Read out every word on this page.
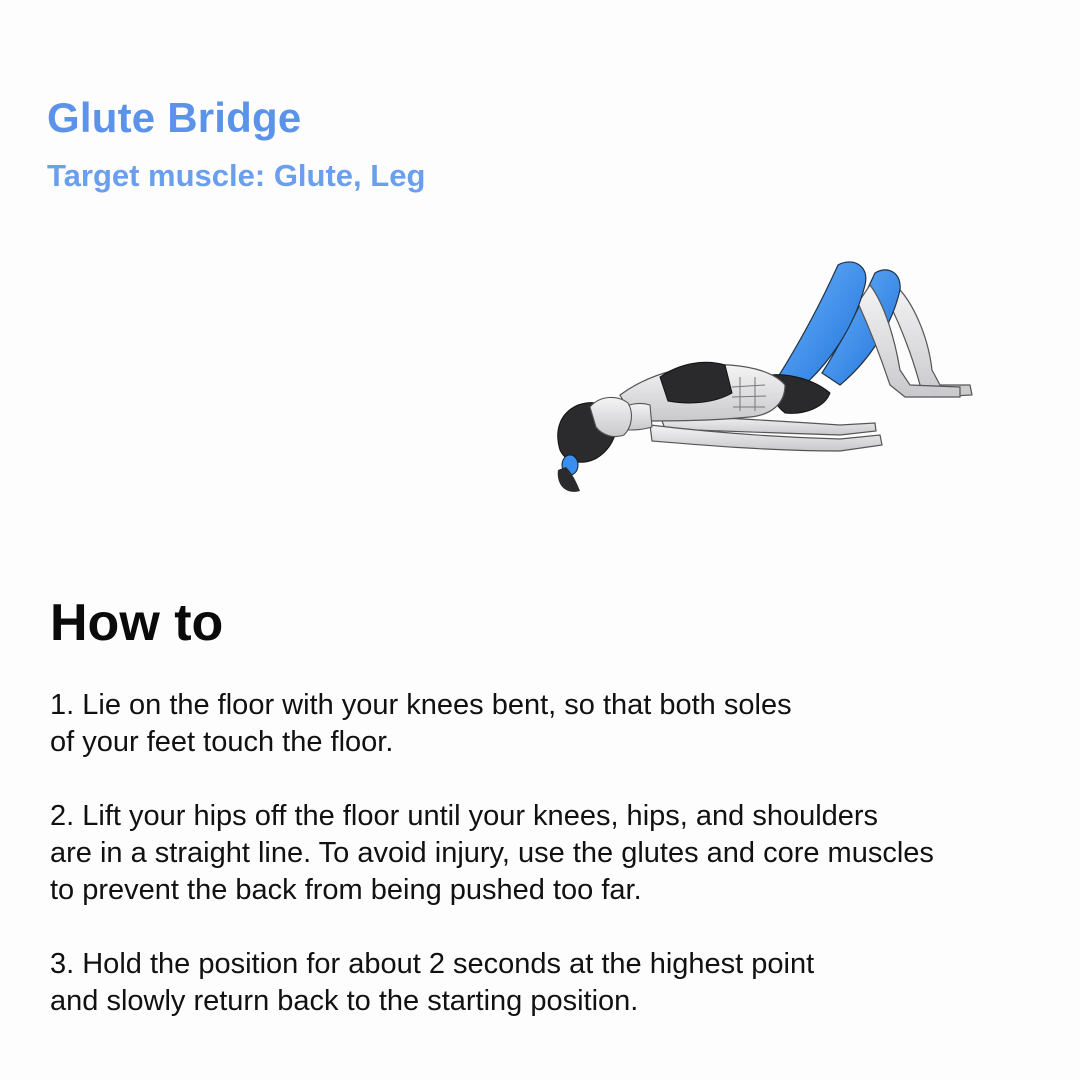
Glute Bridge
Target muscle: Glute, Leg
How to

1. Lie on the floor with your knees bent, so that both soles
of your feet touch the floor.

2. Lift your hips off the floor until your knees, hips, and shoulders
are in a straight line. To avoid injury, use the glutes and core muscles
to prevent the back from being pushed too far.

3. Hold the position for about 2 seconds at the highest point
and slowly return back to the starting position.
